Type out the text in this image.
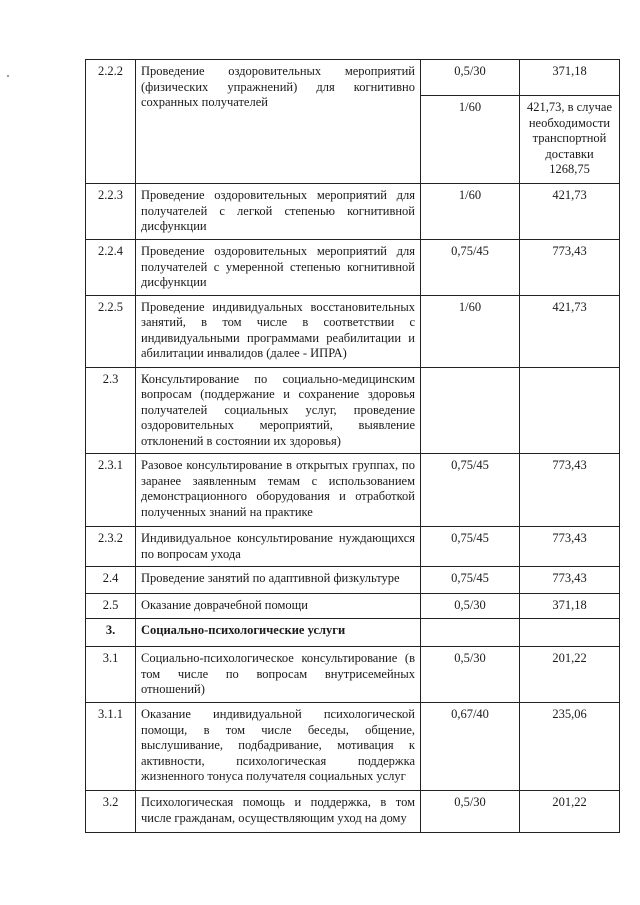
2.2.2	Проведение оздоровительных мероприятий (физических упражнений) для когнитивно сохранных получателей	0,5/30	371,18
		1/60	421,73, в случае необходимости транспортной доставки 1268,75
2.2.3	Проведение оздоровительных мероприятий для получателей с легкой степенью когнитивной дисфункции	1/60	421,73
2.2.4	Проведение оздоровительных мероприятий для получателей с умеренной степенью когнитивной дисфункции	0,75/45	773,43
2.2.5	Проведение индивидуальных восстановительных занятий, в том числе в соответствии с индивидуальными программами реабилитации и абилитации инвалидов (далее - ИПРА)	1/60	421,73
2.3	Консультирование по социально-медицинским вопросам (поддержание и сохранение здоровья получателей социальных услуг, проведение оздоровительных мероприятий, выявление отклонений в состоянии их здоровья)		
2.3.1	Разовое консультирование в открытых группах, по заранее заявленным темам с использованием демонстрационного оборудования и отработкой полученных знаний на практике	0,75/45	773,43
2.3.2	Индивидуальное консультирование нуждающихся по вопросам ухода	0,75/45	773,43
2.4	Проведение занятий по адаптивной физкультуре	0,75/45	773,43
2.5	Оказание доврачебной помощи	0,5/30	371,18
3.	Социально-психологические услуги		
3.1	Социально-психологическое консультирование (в том числе по вопросам внутрисемейных отношений)	0,5/30	201,22
3.1.1	Оказание индивидуальной психологической помощи, в том числе беседы, общение, выслушивание, подбадривание, мотивация к активности, психологическая поддержка жизненного тонуса получателя социальных услуг	0,67/40	235,06
3.2	Психологическая помощь и поддержка, в том числе гражданам, осуществляющим уход на дому	0,5/30	201,22
